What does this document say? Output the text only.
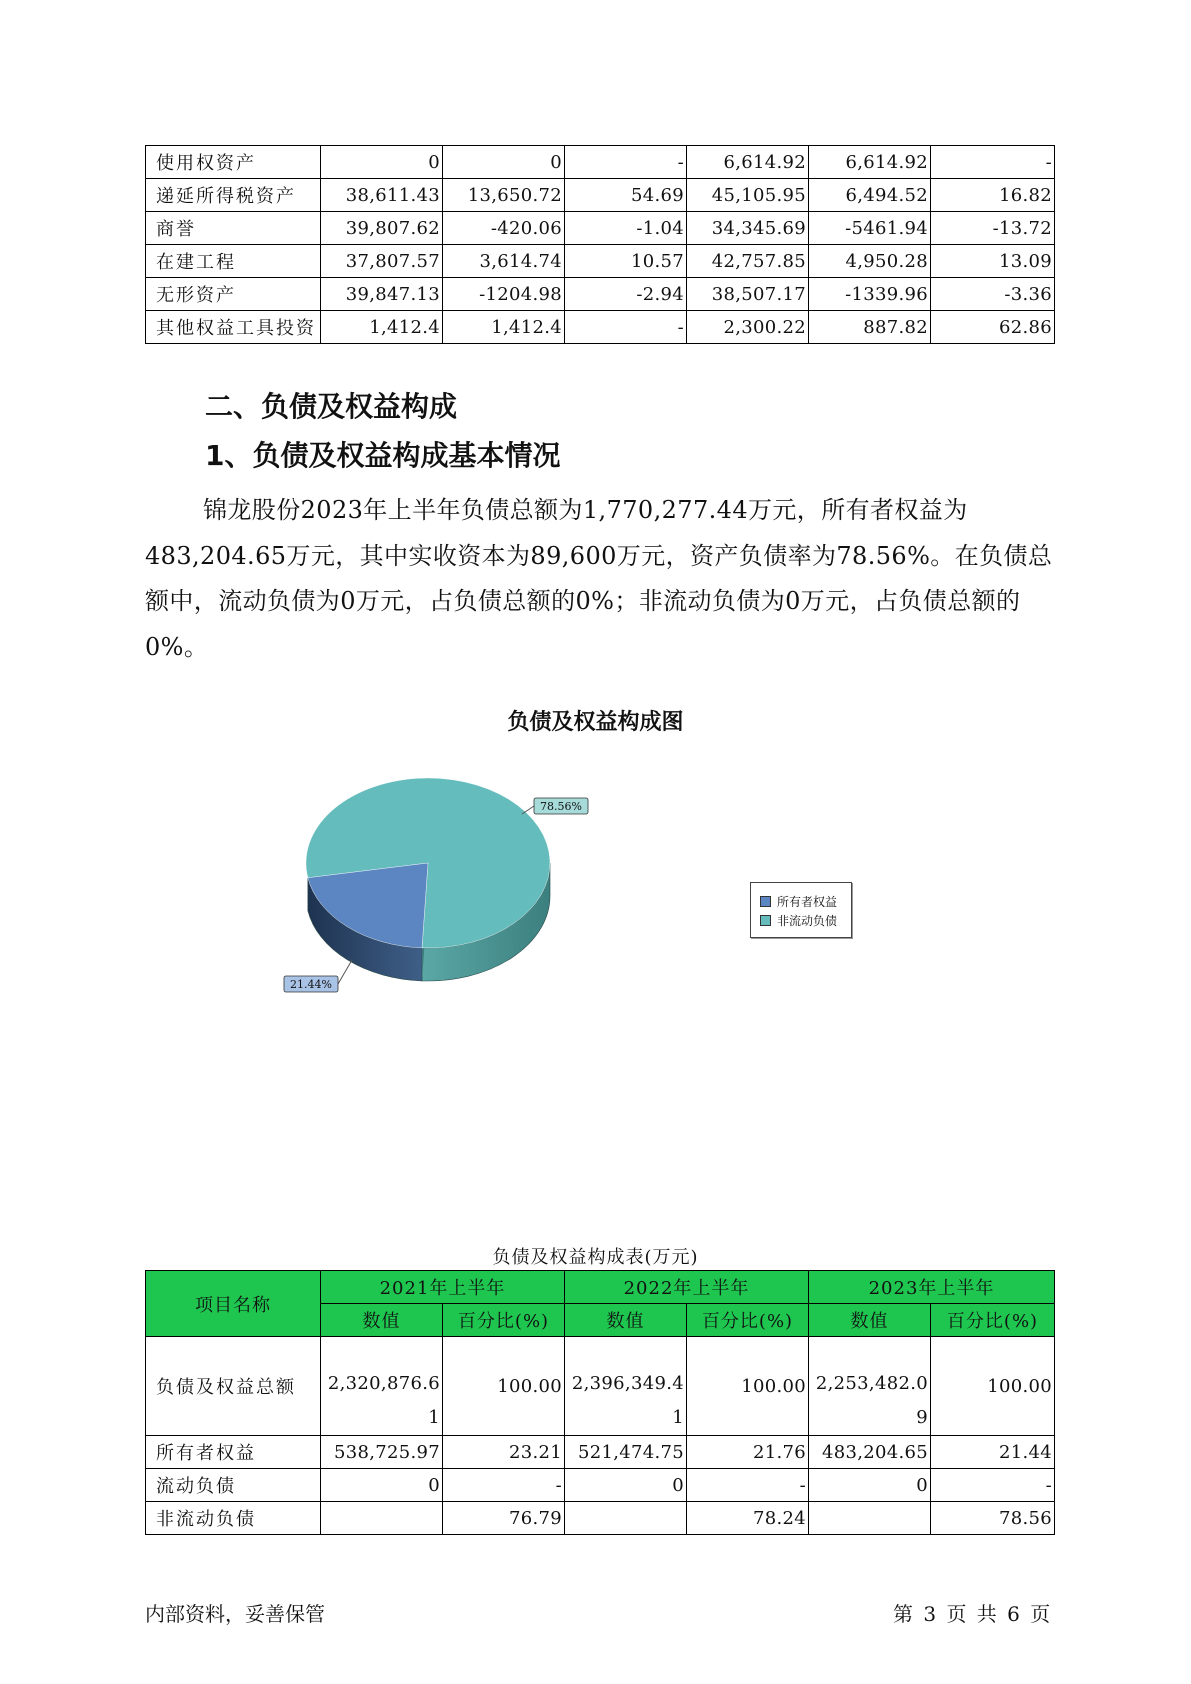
使用权资产	0	0	-	6,614.92	6,614.92	-
递延所得税资产	38,611.43	13,650.72	54.69	45,105.95	6,494.52	16.82
商誉	39,807.62	-420.06	-1.04	34,345.69	-5461.94	-13.72
在建工程	37,807.57	3,614.74	10.57	42,757.85	4,950.28	13.09
无形资产	39,847.13	-1204.98	-2.94	38,507.17	-1339.96	-3.36
其他权益工具投资	1,412.4	1,412.4	-	2,300.22	887.82	62.86
二、负债及权益构成
1、负债及权益构成基本情况

锦龙股份2023年上半年负债总额为1,770,277.44万元，所有者权益为483,204.65万元，其中实收资本为89,600万元，资产负债率为78.56%。在负债总额中，流动负债为0万元，占负债总额的0%；非流动负债为0万元，占负债总额的0%。

负债及权益构成图

78.56%
21.44%
所有者权益
非流动负债

负债及权益构成表(万元)

项目名称	2021年上半年		2022年上半年		2023年上半年	
	数值	百分比(%)	数值	百分比(%)	数值	百分比(%)
负债及权益总额	2,320,876.61	100.00	2,396,349.41	100.00	2,253,482.09	100.00
所有者权益	538,725.97	23.21	521,474.75	21.76	483,204.65	21.44
流动负债	0	-	0	-	0	-
非流动负债		76.79		78.24		78.56

内部资料，妥善保管	第 3 页 共 6 页
